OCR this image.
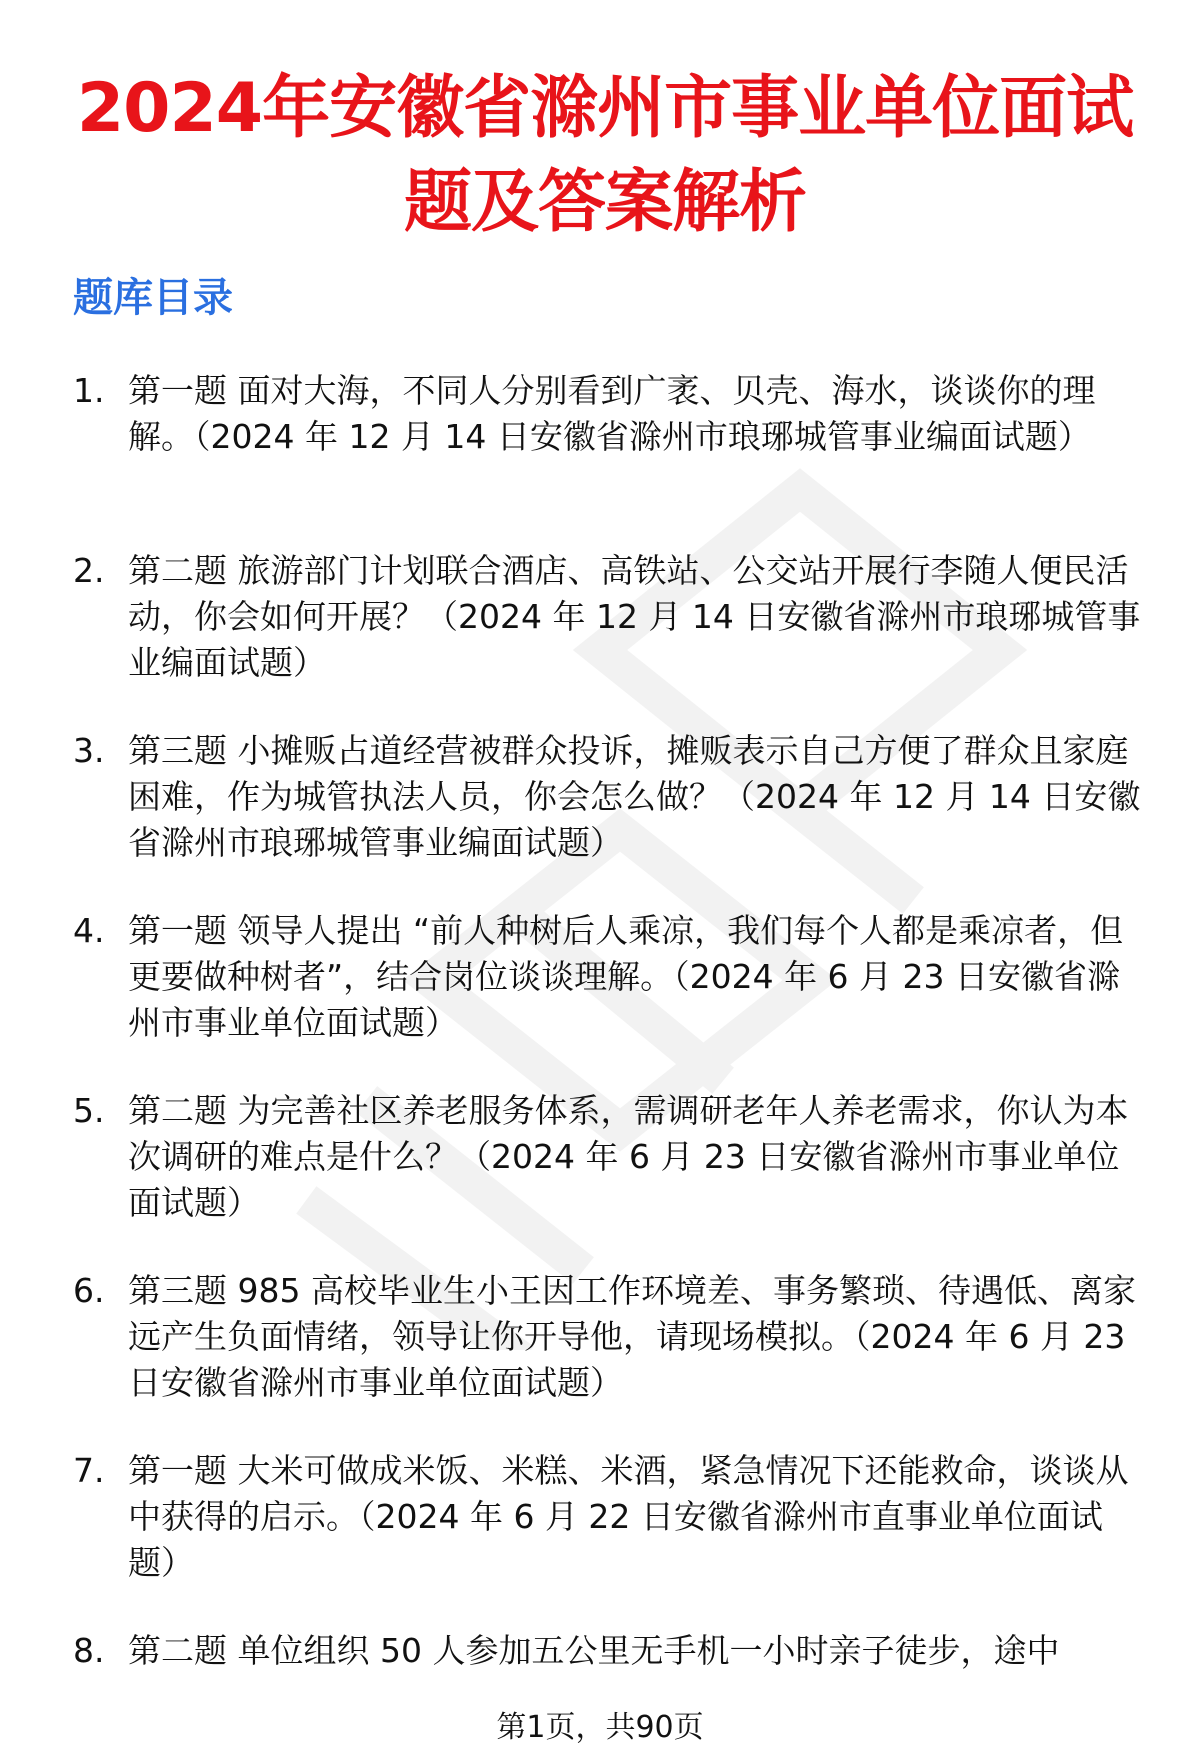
2024年安徽省滁州市事业单位面试题及答案解析
题库目录
1. 第一题 面对大海，不同人分别看到广袤、贝壳、海水，谈谈你的理解。（2024 年 12 月 14 日安徽省滁州市琅琊城管事业编面试题）
2. 第二题 旅游部门计划联合酒店、高铁站、公交站开展行李随人便民活动，你会如何开展？（2024 年 12 月 14 日安徽省滁州市琅琊城管事业编面试题）
3. 第三题 小摊贩占道经营被群众投诉，摊贩表示自己方便了群众且家庭困难，作为城管执法人员，你会怎么做？（2024 年 12 月 14 日安徽省滁州市琅琊城管事业编面试题）
4. 第一题 领导人提出 “前人种树后人乘凉，我们每个人都是乘凉者，但更要做种树者”，结合岗位谈谈理解。（2024 年 6 月 23 日安徽省滁州市事业单位面试题）
5. 第二题 为完善社区养老服务体系，需调研老年人养老需求，你认为本次调研的难点是什么？（2024 年 6 月 23 日安徽省滁州市事业单位面试题）
6. 第三题 985 高校毕业生小王因工作环境差、事务繁琐、待遇低、离家远产生负面情绪，领导让你开导他，请现场模拟。（2024 年 6 月 23 日安徽省滁州市事业单位面试题）
7. 第一题 大米可做成米饭、米糕、米酒，紧急情况下还能救命，谈谈从中获得的启示。（2024 年 6 月 22 日安徽省滁州市直事业单位面试题）
8. 第二题 单位组织 50 人参加五公里无手机一小时亲子徒步，途中
第1页，共90页
